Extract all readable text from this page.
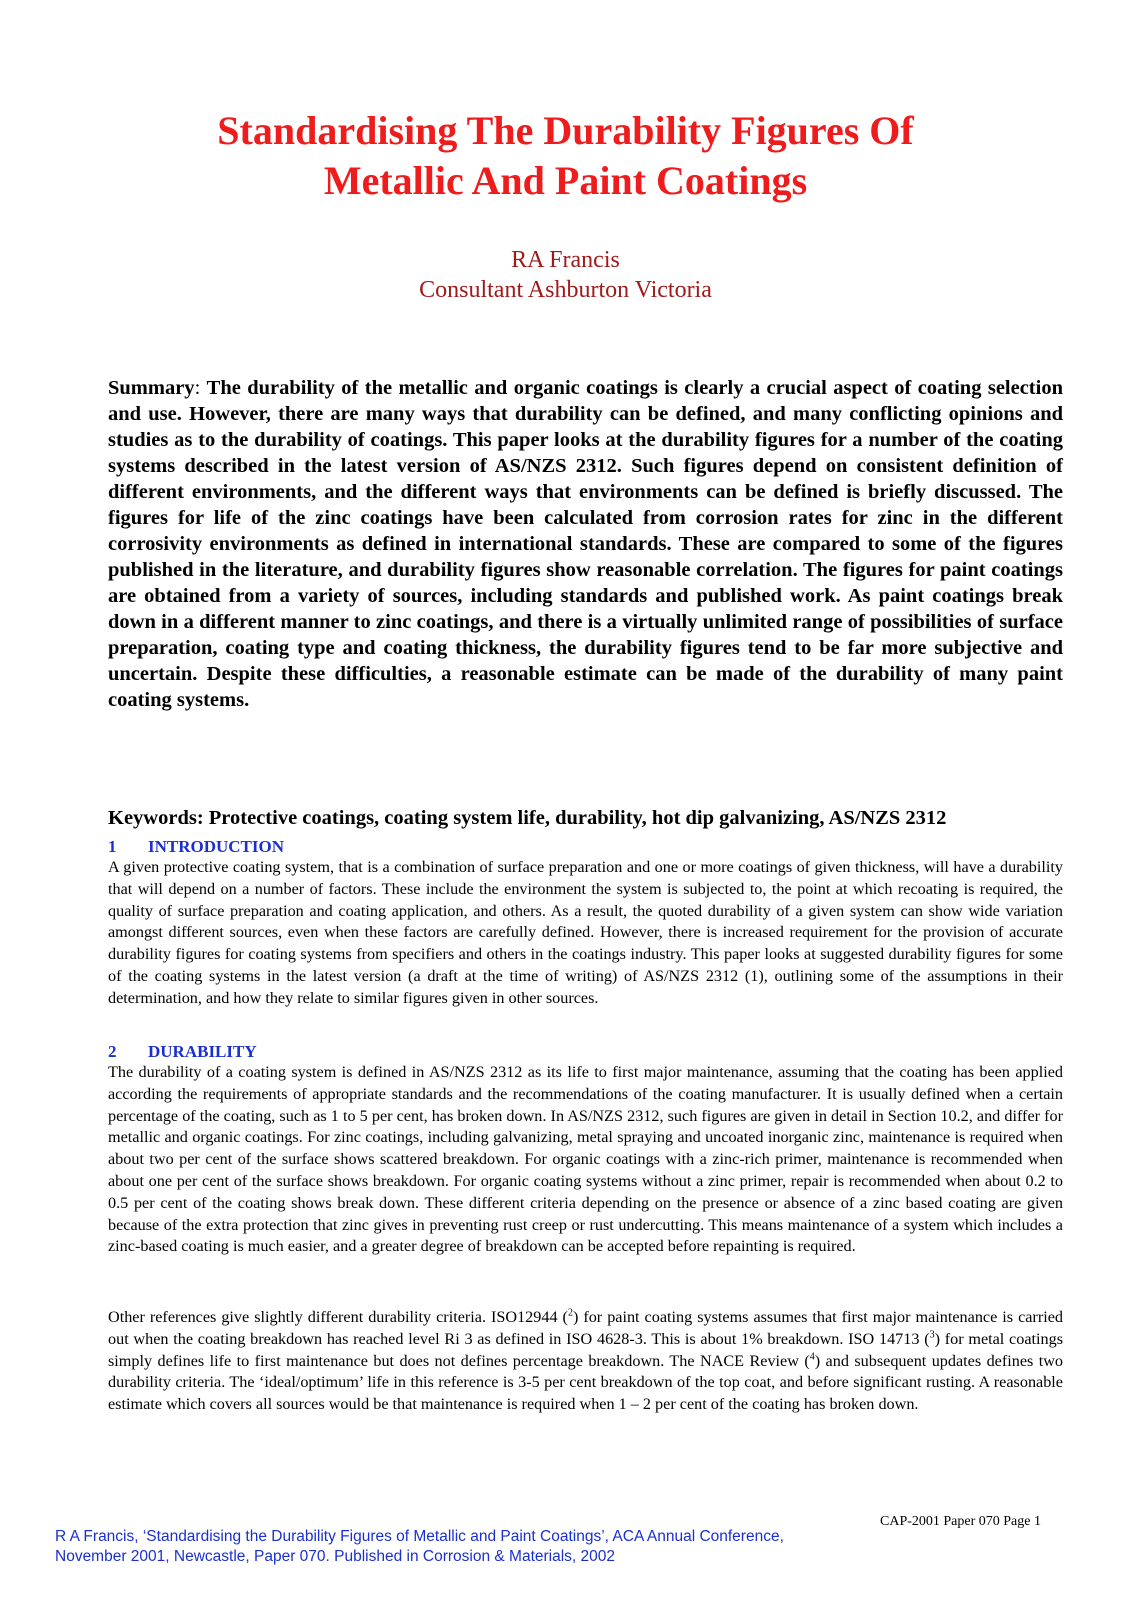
Standardising The Durability Figures Of
Metallic And Paint Coatings
RA Francis
Consultant Ashburton Victoria
Summary: The durability of the metallic and organic coatings is clearly a crucial aspect of coating selection and use. However, there are many ways that durability can be defined, and many conflicting opinions and studies as to the durability of coatings. This paper looks at the durability figures for a number of the coating systems described in the latest version of AS/NZS 2312. Such figures depend on consistent definition of different environments, and the different ways that environments can be defined is briefly discussed. The figures for life of the zinc coatings have been calculated from corrosion rates for zinc in the different corrosivity environments as defined in international standards. These are compared to some of the figures published in the literature, and durability figures show reasonable correlation. The figures for paint coatings are obtained from a variety of sources, including standards and published work. As paint coatings break down in a different manner to zinc coatings, and there is a virtually unlimited range of possibilities of surface preparation, coating type and coating thickness, the durability figures tend to be far more subjective and uncertain. Despite these difficulties, a reasonable estimate can be made of the durability of many paint coating systems.
Keywords: Protective coatings, coating system life, durability, hot dip galvanizing, AS/NZS 2312
1 INTRODUCTION
A given protective coating system, that is a combination of surface preparation and one or more coatings of given thickness, will have a durability that will depend on a number of factors. These include the environment the system is subjected to, the point at which recoating is required, the quality of surface preparation and coating application, and others. As a result, the quoted durability of a given system can show wide variation amongst different sources, even when these factors are carefully defined. However, there is increased requirement for the provision of accurate durability figures for coating systems from specifiers and others in the coatings industry. This paper looks at suggested durability figures for some of the coating systems in the latest version (a draft at the time of writing) of AS/NZS 2312 (1), outlining some of the assumptions in their determination, and how they relate to similar figures given in other sources.
2 DURABILITY
The durability of a coating system is defined in AS/NZS 2312 as its life to first major maintenance, assuming that the coating has been applied according the requirements of appropriate standards and the recommendations of the coating manufacturer. It is usually defined when a certain percentage of the coating, such as 1 to 5 per cent, has broken down. In AS/NZS 2312, such figures are given in detail in Section 10.2, and differ for metallic and organic coatings. For zinc coatings, including galvanizing, metal spraying and uncoated inorganic zinc, maintenance is required when about two per cent of the surface shows scattered breakdown. For organic coatings with a zinc-rich primer, maintenance is recommended when about one per cent of the surface shows breakdown. For organic coating systems without a zinc primer, repair is recommended when about 0.2 to 0.5 per cent of the coating shows break down. These different criteria depending on the presence or absence of a zinc based coating are given because of the extra protection that zinc gives in preventing rust creep or rust undercutting. This means maintenance of a system which includes a zinc-based coating is much easier, and a greater degree of breakdown can be accepted before repainting is required.
Other references give slightly different durability criteria. ISO12944 ($^2$) for paint coating systems assumes that first major maintenance is carried out when the coating breakdown has reached level Ri 3 as defined in ISO 4628-3. This is about 1% breakdown. ISO 14713 ($^3$) for metal coatings simply defines life to first maintenance but does not defines percentage breakdown. The NACE Review ($^4$) and subsequent updates defines two durability criteria. The ‘ideal/optimum’ life in this reference is 3-5 per cent breakdown of the top coat, and before significant rusting. A reasonable estimate which covers all sources would be that maintenance is required when 1 – 2 per cent of the coating has broken down.
CAP-2001 Paper 070 Page 1
R A Francis, ‘Standardising the Durability Figures of Metallic and Paint Coatings’, ACA Annual Conference,
November 2001, Newcastle, Paper 070. Published in Corrosion & Materials, 2002
